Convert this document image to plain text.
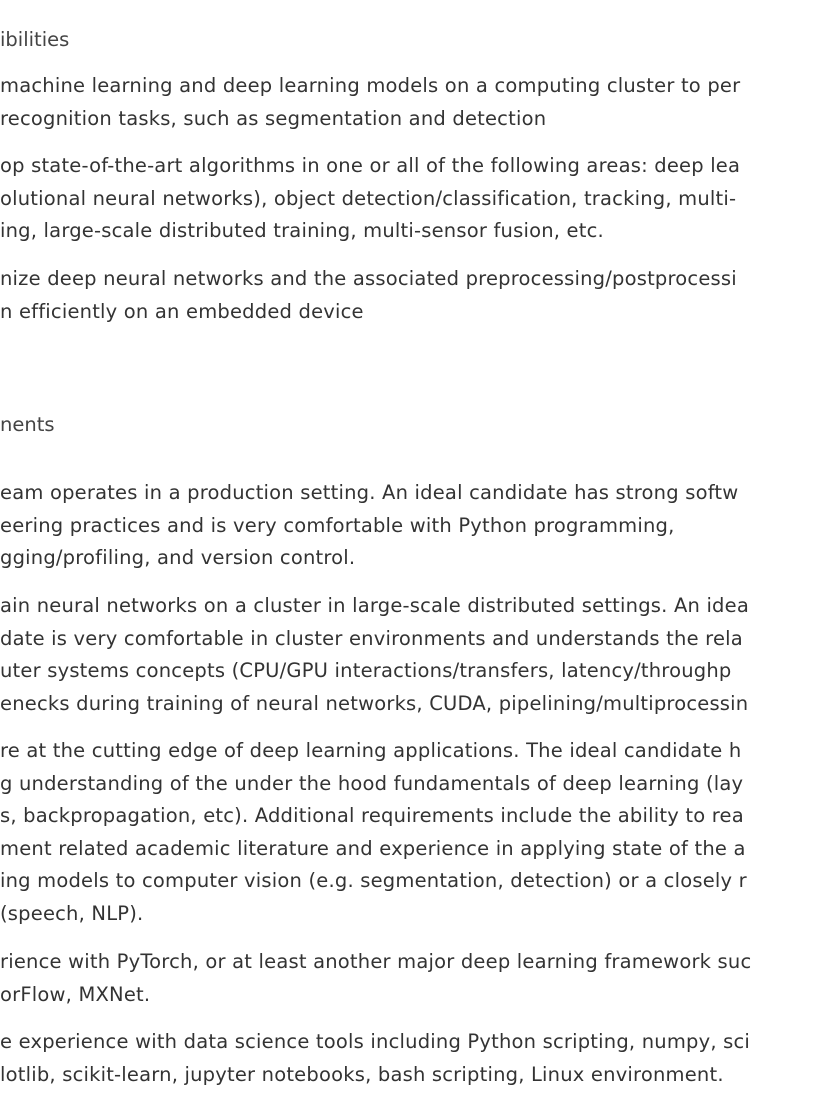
ibilities

machine learning and deep learning models on a computing cluster to per
recognition tasks, such as segmentation and detection

op state-of-the-art algorithms in one or all of the following areas: deep lea
olutional neural networks), object detection/classification, tracking, multi-
ing, large-scale distributed training, multi-sensor fusion, etc.

nize deep neural networks and the associated preprocessing/postprocessi
n efficiently on an embedded device

nents

eam operates in a production setting. An ideal candidate has strong softw
eering practices and is very comfortable with Python programming,
gging/profiling, and version control.

ain neural networks on a cluster in large-scale distributed settings. An idea
date is very comfortable in cluster environments and understands the rela
uter systems concepts (CPU/GPU interactions/transfers, latency/throughp
enecks during training of neural networks, CUDA, pipelining/multiprocessin

re at the cutting edge of deep learning applications. The ideal candidate h
g understanding of the under the hood fundamentals of deep learning (lay
s, backpropagation, etc). Additional requirements include the ability to rea
ment related academic literature and experience in applying state of the a
ing models to computer vision (e.g. segmentation, detection) or a closely r
(speech, NLP).

rience with PyTorch, or at least another major deep learning framework suc
orFlow, MXNet.

e experience with data science tools including Python scripting, numpy, sci
lotlib, scikit-learn, jupyter notebooks, bash scripting, Linux environment.
